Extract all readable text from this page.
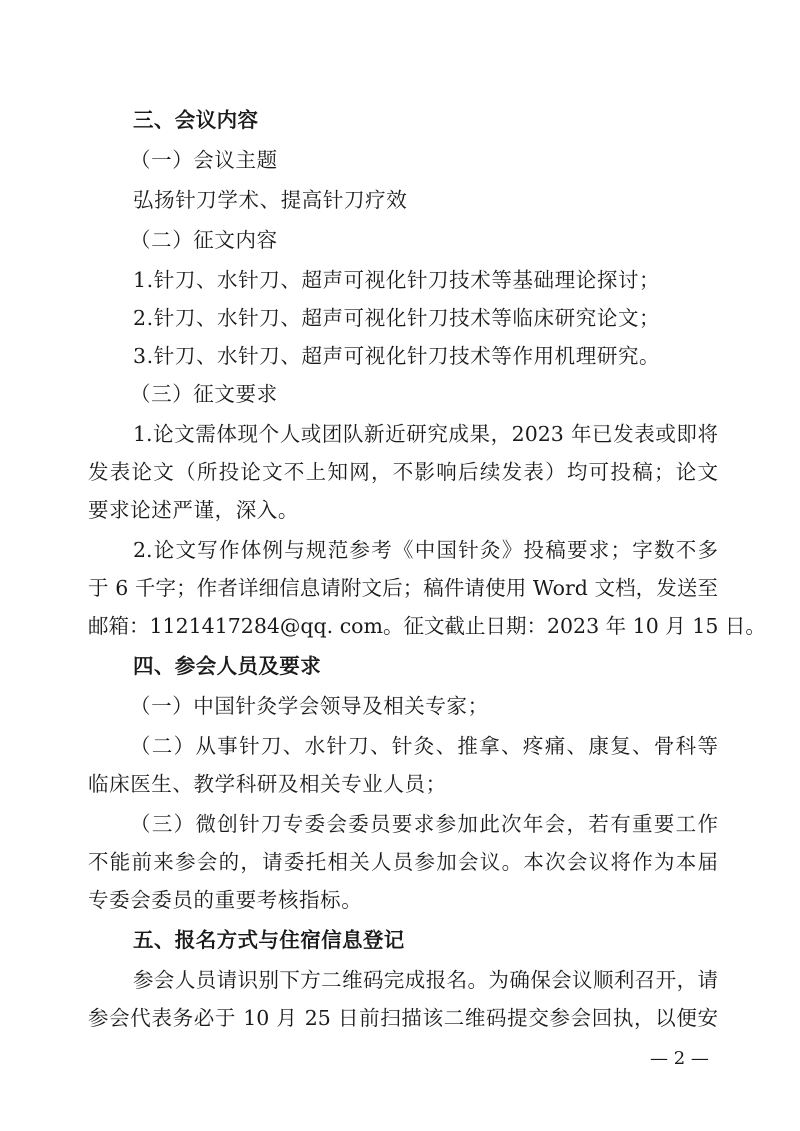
三、会议内容
（一）会议主题
弘扬针刀学术、提高针刀疗效
（二）征文内容
1.针刀、水针刀、超声可视化针刀技术等基础理论探讨；
2.针刀、水针刀、超声可视化针刀技术等临床研究论文；
3.针刀、水针刀、超声可视化针刀技术等作用机理研究。
（三）征文要求
1.论文需体现个人或团队新近研究成果，2023 年已发表或即将
发表论文（所投论文不上知网，不影响后续发表）均可投稿；论文
要求论述严谨，深入。
2.论文写作体例与规范参考《中国针灸》投稿要求；字数不多
于 6 千字；作者详细信息请附文后；稿件请使用 Word 文档，发送至
邮箱：1121417284@qq. com。征文截止日期：2023 年 10 月 15 日。
四、参会人员及要求
（一）中国针灸学会领导及相关专家；
（二）从事针刀、水针刀、针灸、推拿、疼痛、康复、骨科等
临床医生、教学科研及相关专业人员；
（三）微创针刀专委会委员要求参加此次年会，若有重要工作
不能前来参会的，请委托相关人员参加会议。本次会议将作为本届
专委会委员的重要考核指标。
五、报名方式与住宿信息登记
参会人员请识别下方二维码完成报名。为确保会议顺利召开，请
参会代表务必于 10 月 25 日前扫描该二维码提交参会回执，以便安
— 2 —
